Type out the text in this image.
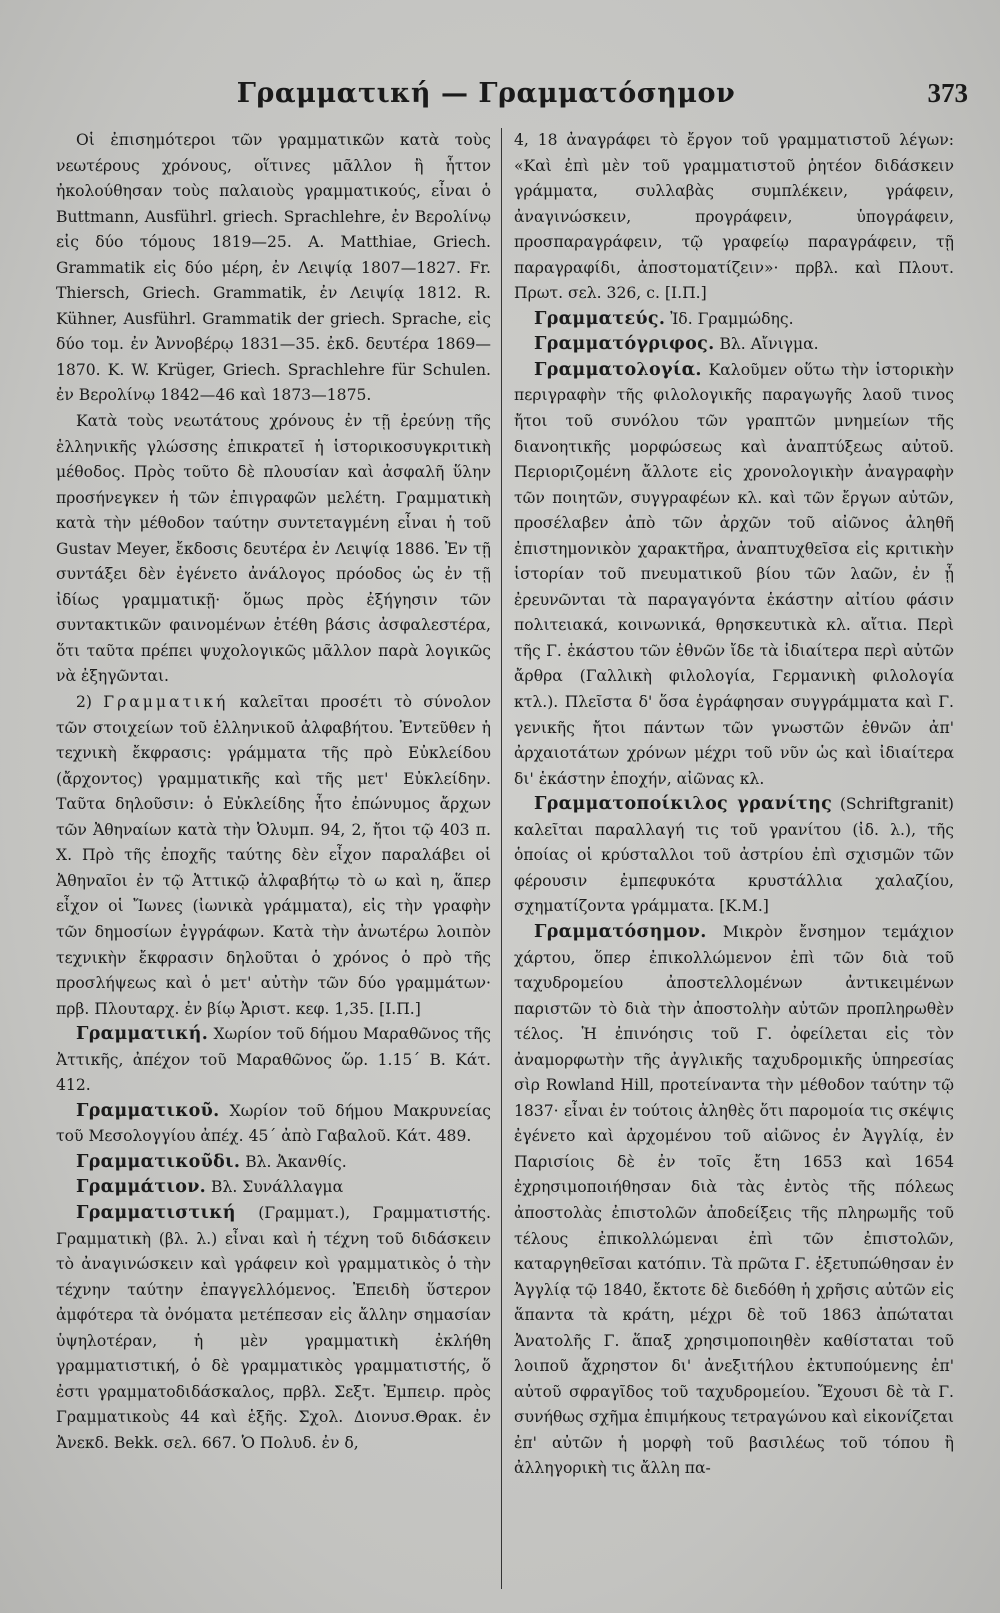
Γραμματική — Γραμματόσημον	373

Οἱ ἐπισημότεροι τῶν γραμματικῶν κατὰ τοὺς νεωτέρους χρόνους, οἵτινες μᾶλλον ἢ ἧττον ἠκολούθησαν τοὺς παλαιοὺς γραμματικούς, εἶναι ὁ Buttmann, Ausführl. griech. Sprachlehre, ἐν Βερολίνῳ εἰς δύο τόμους 1819—25. A. Matthiae, Griech. Grammatik εἰς δύο μέρη, ἐν Λειψίᾳ 1807—1827. Fr. Thiersch, Griech. Grammatik, ἐν Λειψίᾳ 1812. R. Kühner, Ausführl. Grammatik der griech. Sprache, εἰς δύο τομ. ἐν Ἀννοβέρῳ 1831—35. ἐκδ. δευτέρα 1869—1870. K. W. Krüger, Griech. Sprachlehre für Schulen. ἐν Βερολίνῳ 1842—46 καὶ 1873—1875.

Κατὰ τοὺς νεωτάτους χρόνους ἐν τῇ ἐρεύνῃ τῆς ἑλληνικῆς γλώσσης ἐπικρατεῖ ἡ ἱστορικοσυγκριτικὴ μέθοδος. Πρὸς τοῦτο δὲ πλουσίαν καὶ ἀσφαλῆ ὕλην προσήνεγκεν ἡ τῶν ἐπιγραφῶν μελέτη. Γραμματικὴ κατὰ τὴν μέθοδον ταύτην συντεταγμένη εἶναι ἡ τοῦ Gustav Meyer, ἔκδοσις δευτέρα ἐν Λειψίᾳ 1886. Ἐν τῇ συντάξει δὲν ἐγένετο ἀνάλογος πρόοδος ὡς ἐν τῇ ἰδίως γραμματικῇ· ὅμως πρὸς ἐξήγησιν τῶν συντακτικῶν φαινομένων ἐτέθη βάσις ἀσφαλεστέρα, ὅτι ταῦτα πρέπει ψυχολογικῶς μᾶλλον παρὰ λογικῶς νὰ ἐξηγῶνται.

2) Γραμματική καλεῖται προσέτι τὸ σύνολον τῶν στοιχείων τοῦ ἑλληνικοῦ ἀλφαβήτου. Ἐντεῦθεν ἡ τεχνικὴ ἔκφρασις: γράμματα τῆς πρὸ Εὐκλείδου (ἄρχοντος) γραμματικῆς καὶ τῆς μετ' Εὐκλείδην. Ταῦτα δηλοῦσιν: ὁ Εὐκλείδης ἦτο ἐπώνυμος ἄρχων τῶν Ἀθηναίων κατὰ τὴν Ὀλυμπ. 94, 2, ἤτοι τῷ 403 π. Χ. Πρὸ τῆς ἐποχῆς ταύτης δὲν εἶχον παραλάβει οἱ Ἀθηναῖοι ἐν τῷ Ἀττικῷ ἀλφαβήτῳ τὸ ω καὶ η, ἅπερ εἶχον οἱ Ἴωνες (ἰωνικὰ γράμματα), εἰς τὴν γραφὴν τῶν δημοσίων ἐγγράφων. Κατὰ τὴν ἀνωτέρω λοιπὸν τεχνικὴν ἔκφρασιν δηλοῦται ὁ χρόνος ὁ πρὸ τῆς προσλήψεως καὶ ὁ μετ' αὐτὴν τῶν δύο γραμμάτων· πρβ. Πλουταρχ. ἐν βίῳ Ἀριστ. κεφ. 1,35. [Ι.Π.]

Γραμματική. Χωρίον τοῦ δήμου Μαραθῶνος τῆς Ἀττικῆς, ἀπέχον τοῦ Μαραθῶνος ὥρ. 1.15΄ Β. Κάτ. 412.

Γραμματικοῦ. Χωρίον τοῦ δήμου Μακρυνείας τοῦ Μεσολογγίου ἀπέχ. 45΄ ἀπὸ Γαβαλοῦ. Κάτ. 489.

Γραμματικοῦδι. Βλ. Ἀκανθίς.

Γραμμάτιον. Βλ. Συνάλλαγμα

Γραμματιστική (Γραμματ.), Γραμματιστής. Γραμματικὴ (βλ. λ.) εἶναι καὶ ἡ τέχνη τοῦ διδάσκειν τὸ ἀναγινώσκειν καὶ γράφειν κοὶ γραμματικὸς ὁ τὴν τέχνην ταύτην ἐπαγγελλόμενος. Ἐπειδὴ ὕστερον ἀμφότερα τὰ ὀνόματα μετέπεσαν εἰς ἄλλην σημασίαν ὑψηλοτέραν, ἡ μὲν γραμματικὴ ἐκλήθη γραμματιστική, ὁ δὲ γραμματικὸς γραμματιστής, ὅ ἐστι γραμματοδιδάσκαλος, πρβλ. Σεξτ. Ἐμπειρ. πρὸς Γραμματικοὺς 44 καὶ ἑξῆς. Σχολ. Διονυσ.Θρακ. ἐν Ἀνεκδ. Bekk. σελ. 667. Ὁ Πολυδ. ἐν δ,

4, 18 ἀναγράφει τὸ ἔργον τοῦ γραμματιστοῦ λέγων: «Καὶ ἐπὶ μὲν τοῦ γραμματιστοῦ ῥητέον διδάσκειν γράμματα, συλλαβὰς συμπλέκειν, γράφειν, ἀναγινώσκειν, προγράφειν, ὑπογράφειν, προσπαραγράφειν, τῷ γραφείῳ παραγράφειν, τῇ παραγραφίδι, ἀποστοματίζειν»· πρβλ. καὶ Πλουτ. Πρωτ. σελ. 326, c. [Ι.Π.]

Γραμματεύς. Ἰδ. Γραμμώδης.

Γραμματόγριφος. Βλ. Αἴνιγμα.

Γραμματολογία. Καλοῦμεν οὕτω τὴν ἱστορικὴν περιγραφὴν τῆς φιλολογικῆς παραγωγῆς λαοῦ τινος ἤτοι τοῦ συνόλου τῶν γραπτῶν μνημείων τῆς διανοητικῆς μορφώσεως καὶ ἀναπτύξεως αὐτοῦ. Περιοριζομένη ἄλλοτε εἰς χρονολογικὴν ἀναγραφὴν τῶν ποιητῶν, συγγραφέων κλ. καὶ τῶν ἔργων αὐτῶν, προσέλαβεν ἀπὸ τῶν ἀρχῶν τοῦ αἰῶνος ἀληθῆ ἐπιστημονικὸν χαρακτῆρα, ἀναπτυχθεῖσα εἰς κριτικὴν ἱστορίαν τοῦ πνευματικοῦ βίου τῶν λαῶν, ἐν ᾗ ἐρευνῶνται τὰ παραγαγόντα ἑκάστην αἰτίου φάσιν πολιτειακά, κοινωνικά, θρησκευτικὰ κλ. αἴτια. Περὶ τῆς Γ. ἑκάστου τῶν ἐθνῶν ἴδε τὰ ἰδιαίτερα περὶ αὐτῶν ἄρθρα (Γαλλικὴ φιλολογία, Γερμανικὴ φιλολογία κτλ.). Πλεῖστα δ' ὅσα ἐγράφησαν συγγράμματα καὶ Γ. γενικῆς ἤτοι πάντων τῶν γνωστῶν ἐθνῶν ἀπ' ἀρχαιοτάτων χρόνων μέχρι τοῦ νῦν ὡς καὶ ἰδιαίτερα δι' ἑκάστην ἐποχήν, αἰῶνας κλ.

Γραμματοποίκιλος γρανίτης (Schriftgranit) καλεῖται παραλλαγή τις τοῦ γρανίτου (ἰδ. λ.), τῆς ὁποίας οἱ κρύσταλλοι τοῦ ἀστρίου ἐπὶ σχισμῶν τῶν φέρουσιν ἐμπεφυκότα κρυστάλλια χαλαζίου, σχηματίζοντα γράμματα. [Κ.Μ.]

Γραμματόσημον. Μικρὸν ἔνσημον τεμάχιον χάρτου, ὅπερ ἐπικολλώμενον ἐπὶ τῶν διὰ τοῦ ταχυδρομείου ἀποστελλομένων ἀντικειμένων παριστῶν τὸ διὰ τὴν ἀποστολὴν αὐτῶν προπληρωθὲν τέλος. Ἡ ἐπινόησις τοῦ Γ. ὀφείλεται εἰς τὸν ἀναμορφωτὴν τῆς ἀγγλικῆς ταχυδρομικῆς ὑπηρεσίας σὶρ Rowland Hill, προτείναντα τὴν μέθοδον ταύτην τῷ 1837· εἶναι ἐν τούτοις ἀληθὲς ὅτι παρομοία τις σκέψις ἐγένετο καὶ ἀρχομένου τοῦ αἰῶνος ἐν Ἀγγλίᾳ, ἐν Παρισίοις δὲ ἐν τοῖς ἔτη 1653 καὶ 1654 ἐχρησιμοποιήθησαν διὰ τὰς ἐντὸς τῆς πόλεως ἀποστολὰς ἐπιστολῶν ἀποδείξεις τῆς πληρωμῆς τοῦ τέλους ἐπικολλώμεναι ἐπὶ τῶν ἐπιστολῶν, καταργηθεῖσαι κατόπιν. Τὰ πρῶτα Γ. ἐξετυπώθησαν ἐν Ἀγγλίᾳ τῷ 1840, ἔκτοτε δὲ διεδόθη ἡ χρῆσις αὐτῶν εἰς ἅπαντα τὰ κράτη, μέχρι δὲ τοῦ 1863 ἀπώταται Ἀνατολῆς Γ. ἅπαξ χρησιμοποιηθὲν καθίσταται τοῦ λοιποῦ ἄχρηστον δι' ἀνεξιτήλου ἐκτυπούμενης ἐπ' αὐτοῦ σφραγῖδος τοῦ ταχυδρομείου. Ἔχουσι δὲ τὰ Γ. συνήθως σχῆμα ἐπιμήκους τετραγώνου καὶ εἰκονίζεται ἐπ' αὐτῶν ἡ μορφὴ τοῦ βασιλέως τοῦ τόπου ἢ ἀλληγορικὴ τις ἄλλη πα-
